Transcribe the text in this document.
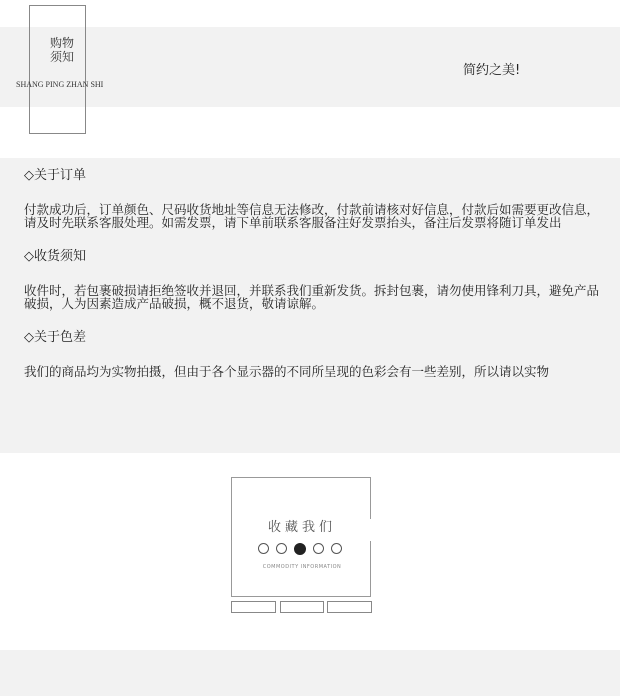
购物
须知
SHANG PING ZHAN SHI
简约之美!
◇关于订单

付款成功后，订单颜色、尺码收货地址等信息无法修改，付款前请核对好信息，付款后如需要更改信息，

请及时先联系客服处理。如需发票，请下单前联系客服备注好发票抬头，备注后发票将随订单发出

◇收货须知

收件时，若包裹破损请拒绝签收并退回，并联系我们重新发货。拆封包裹，请勿使用锋利刀具，避免产品

破损，人为因素造成产品破损，概不退货，敬请谅解。

◇关于色差

我们的商品均为实物拍摄，但由于各个显示器的不同所呈现的色彩会有一些差别，所以请以实物

收藏我们
COMMODITY INFORMATION
